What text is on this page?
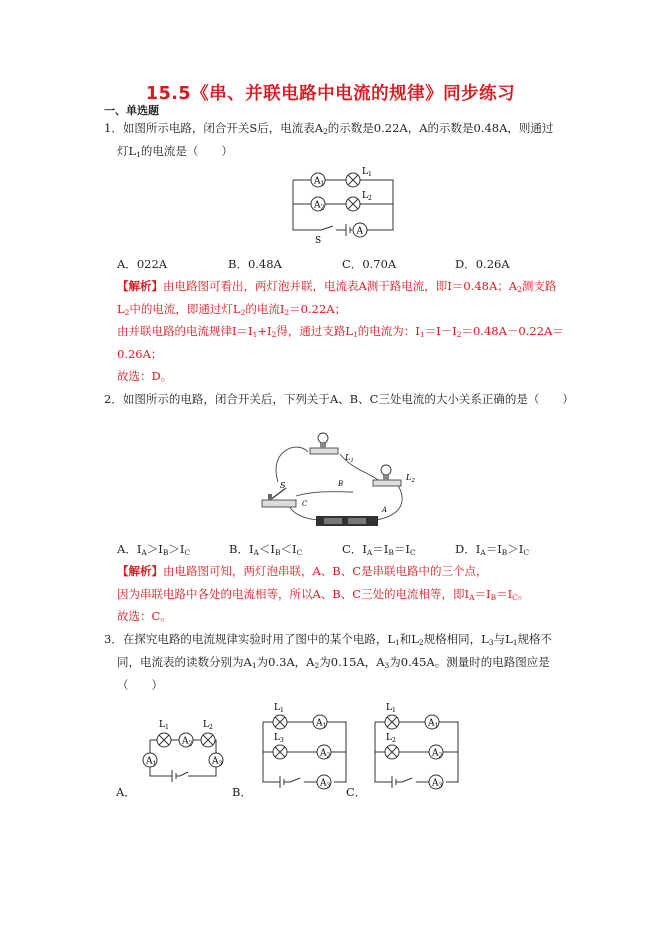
15.5《串、并联电路中电流的规律》同步练习
一、单选题
1．如图所示电路，闭合开关S后，电流表$A_2$的示数是0.22A，A的示数是0.48A，则通过
灯$L_1$的电流是（　　）
$A_1$
$A_2$
A
$L_1$
$L_2$
S
A．022A	B．0.48A	C．0.70A	D．0.26A
【解析】由电路图可看出，两灯泡并联，电流表A测干路电流，即I＝0.48A；$A_2$测支路
$L_2$中的电流，即通过灯$L_2$的电流$I_2=0.22A$；
由并联电路的电流规律$I=I_1+I_2$得，通过支路$L_1$的电流为：$I_1=I-I_2=0.48A-0.22A=$
0.26A；
故选：D。
2．如图所示的电路，闭合开关后，下列关于A、B、C三处电流的大小关系正确的是（　　）
$L_1$
$L_2$
S
A
B
C
A．$I_A>I_B>I_C$	B．$I_A<I_B<I_C$	C．$I_A=I_B=I_C$	D．$I_A=I_B>I_C$
【解析】由电路图可知，两灯泡串联，A、B、C是串联电路中的三个点，
因为串联电路中各处的电流相等，所以A、B、C三处的电流相等，即$I_A=I_B=I_C$。
故选：C。
3．在探究电路的电流规律实验时用了图中的某个电路，$L_1$和$L_2$规格相同，$L_3$与$L_1$规格不
同，电流表的读数分别为$A_1$为0.3A，$A_2$为0.15A，$A_3$为0.45A。测量时的电路图应是
（　　）
A．
$L_1$	$L_2$
$A_2$
$A_1$	$A_3$
B．
$L_1$
$L_3$
$A_1$
$A_2$
$A_3$ C．
$L_1$
$L_2$
$A_1$
$A_2$
$A_3$
